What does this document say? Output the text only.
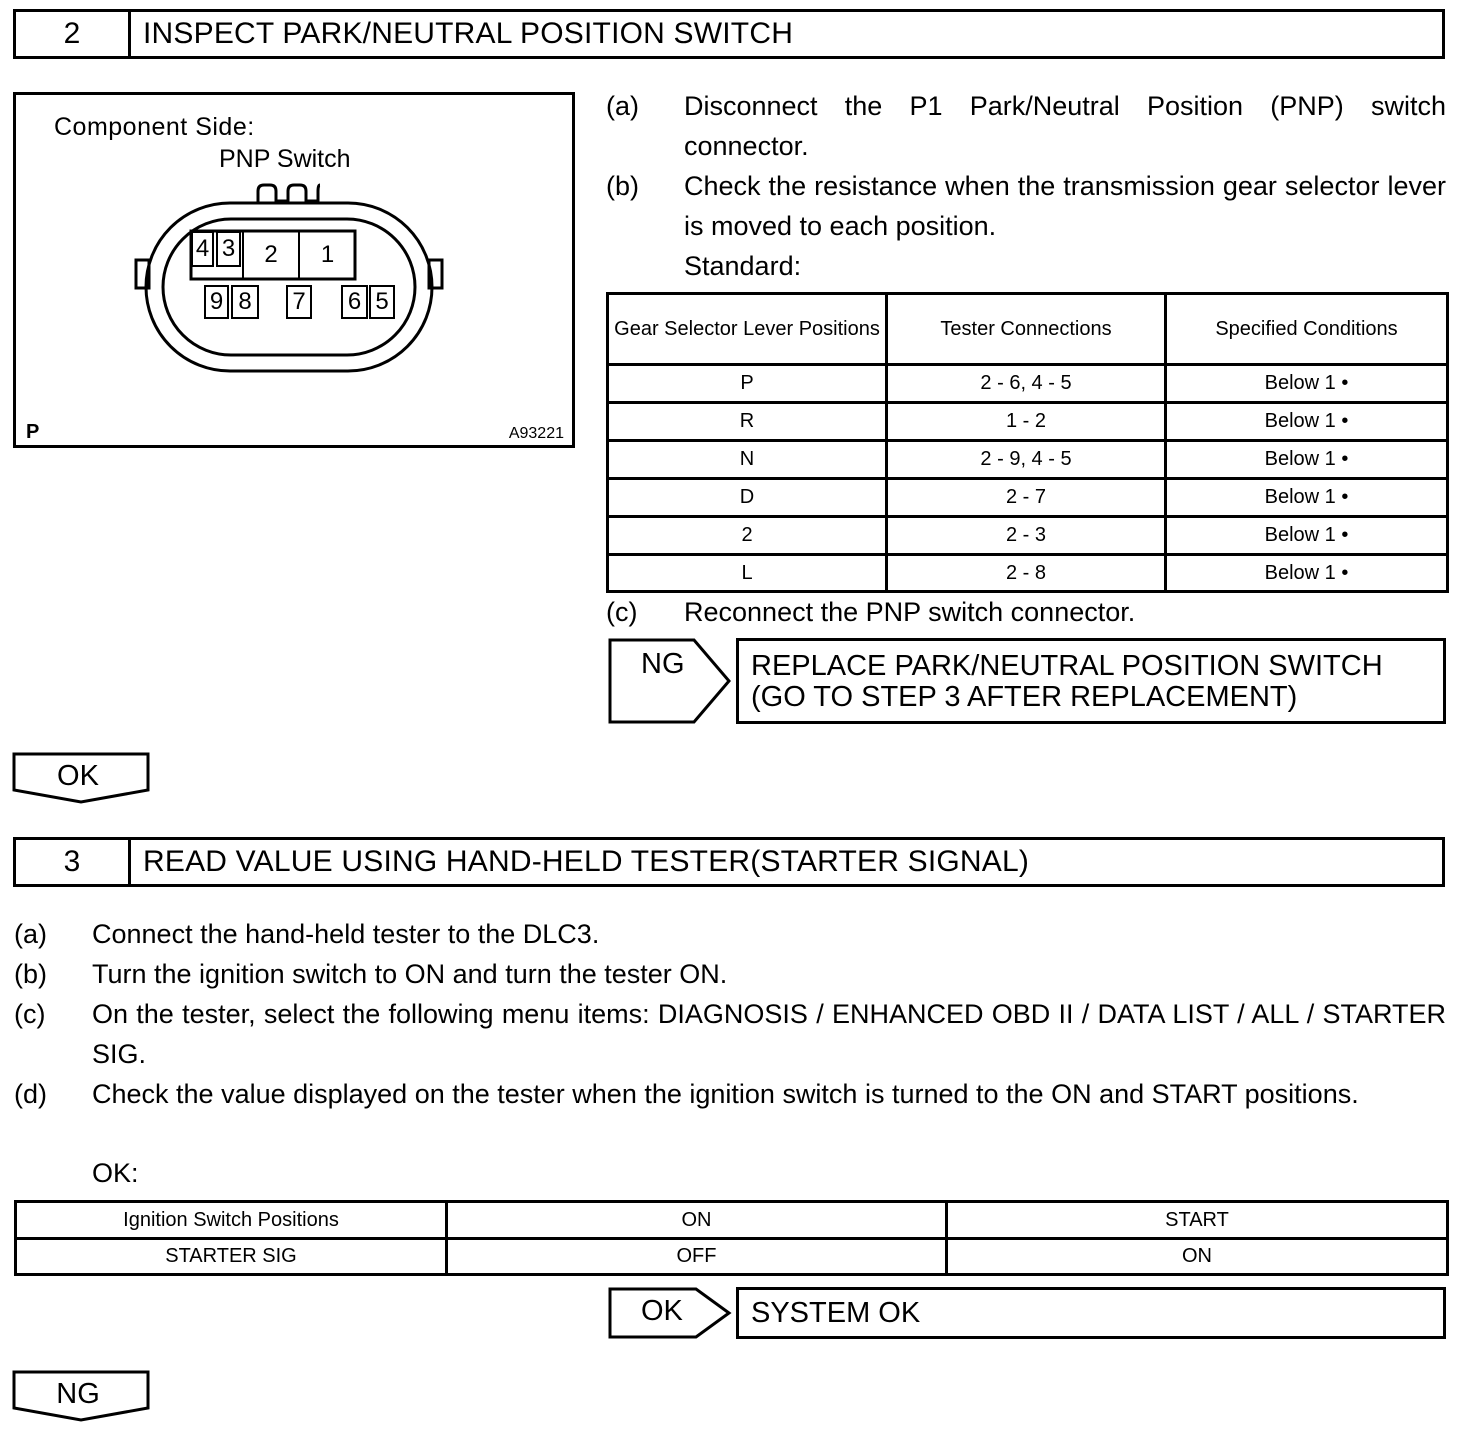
2	INSPECT PARK/NEUTRAL POSITION SWITCH
Component Side:
PNP Switch
4 3	2	1
9 8	7 6 5
P	A93221
(a) Disconnect the P1 Park/Neutral Position (PNP) switch connector.
(b) Check the resistance when the transmission gear selector lever is moved to each position.
Standard:
Gear Selector Lever Positions	Tester Connections	Specified Conditions
P	2 - 6, 4 - 5	Below 1 •
R	1 - 2	Below 1 •
N	2 - 9, 4 - 5	Below 1 •
D	2 - 7	Below 1 •
2	2 - 3	Below 1 •
L	2 - 8	Below 1 •
(c) Reconnect the PNP switch connector.
NG REPLACE PARK/NEUTRAL POSITION SWITCH
(GO TO STEP 3 AFTER REPLACEMENT)
OK
3	READ VALUE USING HAND-HELD TESTER(STARTER SIGNAL)
(a) Connect the hand-held tester to the DLC3.
(b) Turn the ignition switch to ON and turn the tester ON.
(c) On the tester, select the following menu items: DIAGNOSIS / ENHANCED OBD II / DATA LIST / ALL / STARTER SIG.
(d) Check the value displayed on the tester when the ignition switch is turned to the ON and START positions.
OK:
Ignition Switch Positions	ON	START
STARTER SIG	OFF	ON
OK	SYSTEM OK
NG
